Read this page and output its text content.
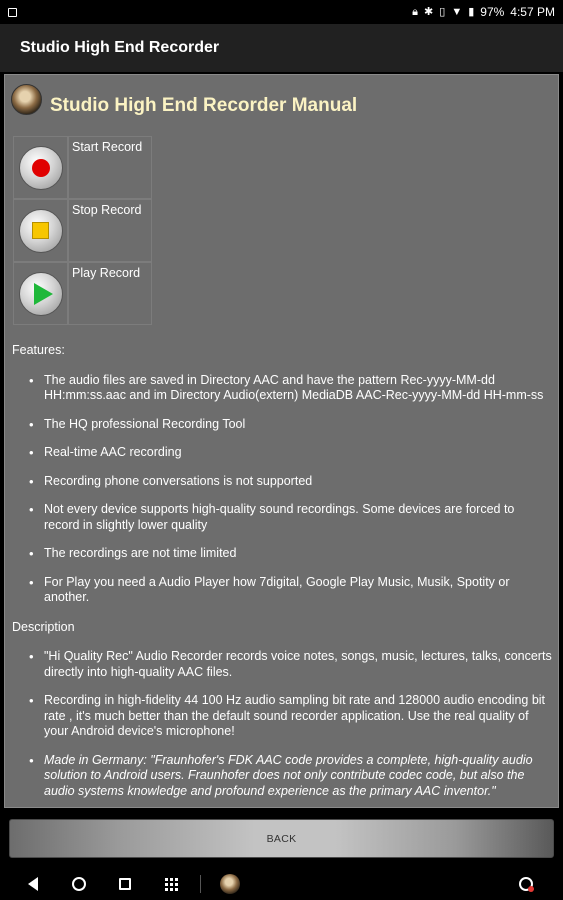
🔒︎ ✱ ▯ ▼ ▮ 97% 4:57 PM
Studio High End Recorder
Studio High End Recorder Manual
Start Record
Stop Record
Play Record
Features:
• The audio files are saved in Directory AAC and have the pattern Rec-yyyy-MM-dd HH:mm:ss.aac and im Directory Audio(extern) MediaDB AAC-Rec-yyyy-MM-dd HH-mm-ss
• The HQ professional Recording Tool
• Real-time AAC recording
• Recording phone conversations is not supported
• Not every device supports high-quality sound recordings. Some devices are forced to record in slightly lower quality
• The recordings are not time limited
• For Play you need a Audio Player how 7digital, Google Play Music, Musik, Spotity or another.
Description
• "Hi Quality Rec" Audio Recorder records voice notes, songs, music, lectures, talks, concerts directly into high-quality AAC files.
• Recording in high-fidelity 44 100 Hz audio sampling bit rate and 128000 audio encoding bit rate , it's much better than the default sound recorder application. Use the real quality of your Android device's microphone!
• Made in Germany: "Fraunhofer's FDK AAC code provides a complete, high-quality audio solution to Android users. Fraunhofer does not only contribute codec code, but also the audio systems knowledge and profound experience as the primary AAC inventor."
BACK
